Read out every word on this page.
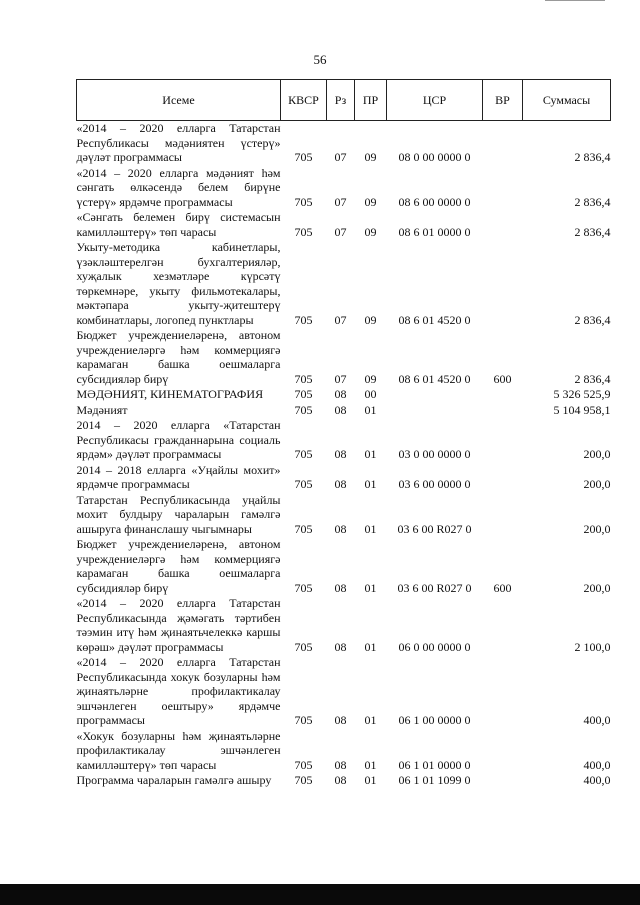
56
Исеме	КВСР	Рз	ПР	ЦСР	ВР	Суммасы
«2014 – 2020 елларга Татарстан Республикасы мәдәниятен үстерү» дәүләт программасы	705	07	09	08 0 00 0000 0		2 836,4
«2014 – 2020 елларга мәдәният һәм сәнгать өлкәсендә белем бирүне үстерү» ярдәмче программасы	705	07	09	08 6 00 0000 0		2 836,4
«Сәнгать белемен бирү системасын камилләштерү» төп чарасы	705	07	09	08 6 01 0000 0		2 836,4
Укыту-методика кабинетлары, үзәкләштерелгән бухгалтерияләр, хуҗалык хезмәтләре күрсәтү төркемнәре, укыту фильмотекалары, мәктәпара укыту-җитештерү комбинатлары, логопед пунктлары	705	07	09	08 6 01 4520 0		2 836,4
Бюджет учреждениеләренә, автоном учреждениеләргә һәм коммерциягә карамаган башка оешмаларга субсидияләр бирү	705	07	09	08 6 01 4520 0	600	2 836,4
МӘДӘНИЯТ, КИНЕМАТОГРАФИЯ	705	08	00			5 326 525,9
Мәдәният	705	08	01			5 104 958,1
2014 – 2020 елларга «Татарстан Республикасы гражданнарына социаль ярдәм» дәүләт программасы	705	08	01	03 0 00 0000 0		200,0
2014 – 2018 елларга «Уңайлы мохит» ярдәмче программасы	705	08	01	03 6 00 0000 0		200,0
Татарстан Республикасында уңайлы мохит булдыру чараларын гамәлгә ашыруга финанслашу чыгымнары	705	08	01	03 6 00 R027 0		200,0
Бюджет учреждениеләренә, автоном учреждениеләргә һәм коммерциягә карамаган башка оешмаларга субсидияләр бирү	705	08	01	03 6 00 R027 0	600	200,0
«2014 – 2020 елларга Татарстан Республикасында җәмәгать тәртибен тәэмин итү һәм җинаятьчелеккә каршы көрәш» дәүләт программасы	705	08	01	06 0 00 0000 0		2 100,0
«2014 – 2020 елларга Татарстан Республикасында хокук бозуларны һәм җинаятьләрне профилактикалау эшчәнлеген оештыру» ярдәмче программасы	705	08	01	06 1 00 0000 0		400,0
«Хокук бозуларны һәм җинаятьләрне профилактикалау эшчәнлеген камилләштерү» төп чарасы	705	08	01	06 1 01 0000 0		400,0
Программа чараларын гамәлгә ашыру	705	08	01	06 1 01 1099 0		400,0
